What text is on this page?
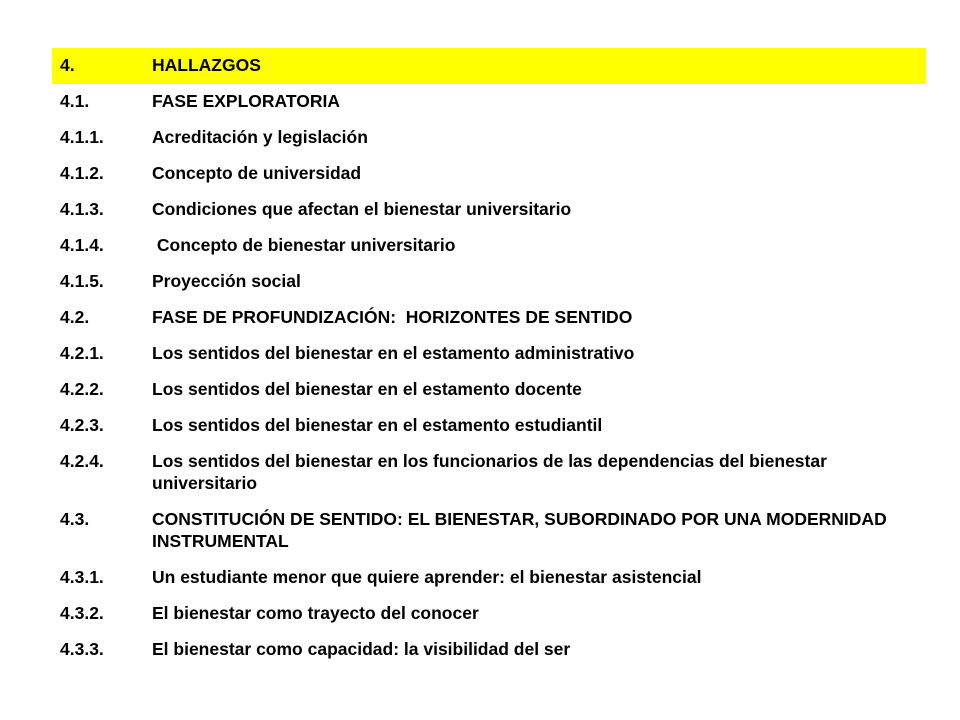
4.	HALLAZGOS
4.1.	FASE EXPLORATORIA
4.1.1.	Acreditación y legislación
4.1.2.	Concepto de universidad
4.1.3.	Condiciones que afectan el bienestar universitario
4.1.4.	Concepto de bienestar universitario
4.1.5.	Proyección social
4.2.	FASE DE PROFUNDIZACIÓN:  HORIZONTES DE SENTIDO
4.2.1.	Los sentidos del bienestar en el estamento administrativo
4.2.2.	Los sentidos del bienestar en el estamento docente
4.2.3.	Los sentidos del bienestar en el estamento estudiantil
4.2.4.	Los sentidos del bienestar en los funcionarios de las dependencias del bienestar universitario
4.3.	CONSTITUCIÓN DE SENTIDO: EL BIENESTAR, SUBORDINADO POR UNA MODERNIDAD INSTRUMENTAL
4.3.1.	Un estudiante menor que quiere aprender: el bienestar asistencial
4.3.2.	El bienestar como trayecto del conocer
4.3.3.	El bienestar como capacidad: la visibilidad del ser
